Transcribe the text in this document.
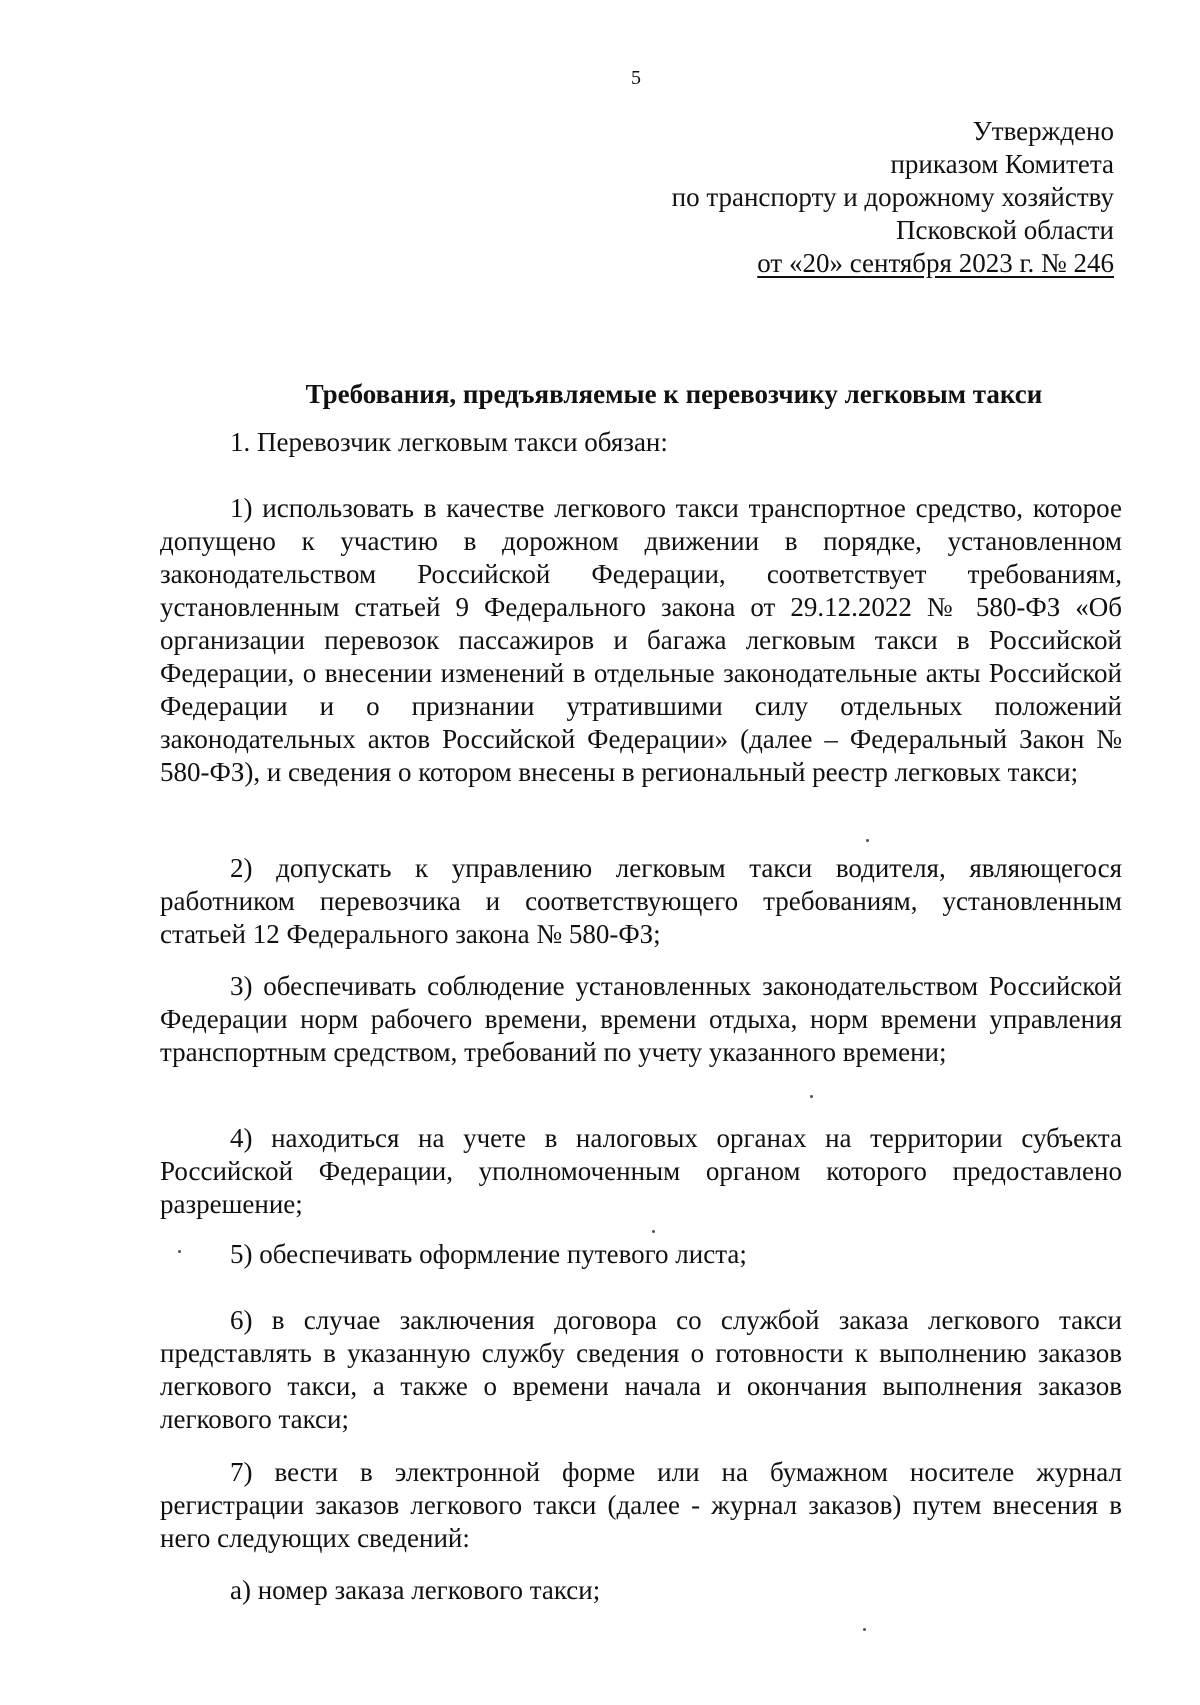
5
Утверждено
приказом Комитета
по транспорту и дорожному хозяйству
Псковской области
от «20» сентября 2023 г. № 246
Требования, предъявляемые к перевозчику легковым такси

1. Перевозчик легковым такси обязан:

1) использовать в качестве легкового такси транспортное средство, которое допущено к участию в дорожном движении в порядке, установленном законодательством Российской Федерации, соответствует требованиям, установленным статьей 9 Федерального закона от 29.12.2022 № 580-ФЗ «Об организации перевозок пассажиров и багажа легковым такси в Российской Федерации, о внесении изменений в отдельные законодательные акты Российской Федерации и о признании утратившими силу отдельных положений законодательных актов Российской Федерации» (далее – Федеральный Закон № 580-ФЗ), и сведения о котором внесены в региональный реестр легковых такси;

2) допускать к управлению легковым такси водителя, являющегося работником перевозчика и соответствующего требованиям, установленным статьей 12 Федерального закона № 580-ФЗ;

3) обеспечивать соблюдение установленных законодательством Российской Федерации норм рабочего времени, времени отдыха, норм времени управления транспортным средством, требований по учету указанного времени;

4) находиться на учете в налоговых органах на территории субъекта Российской Федерации, уполномоченным органом которого предоставлено разрешение;

5) обеспечивать оформление путевого листа;

6) в случае заключения договора со службой заказа легкового такси представлять в указанную службу сведения о готовности к выполнению заказов легкового такси, а также о времени начала и окончания выполнения заказов легкового такси;

7) вести в электронной форме или на бумажном носителе журнал регистрации заказов легкового такси (далее - журнал заказов) путем внесения в него следующих сведений:

а) номер заказа легкового такси;
